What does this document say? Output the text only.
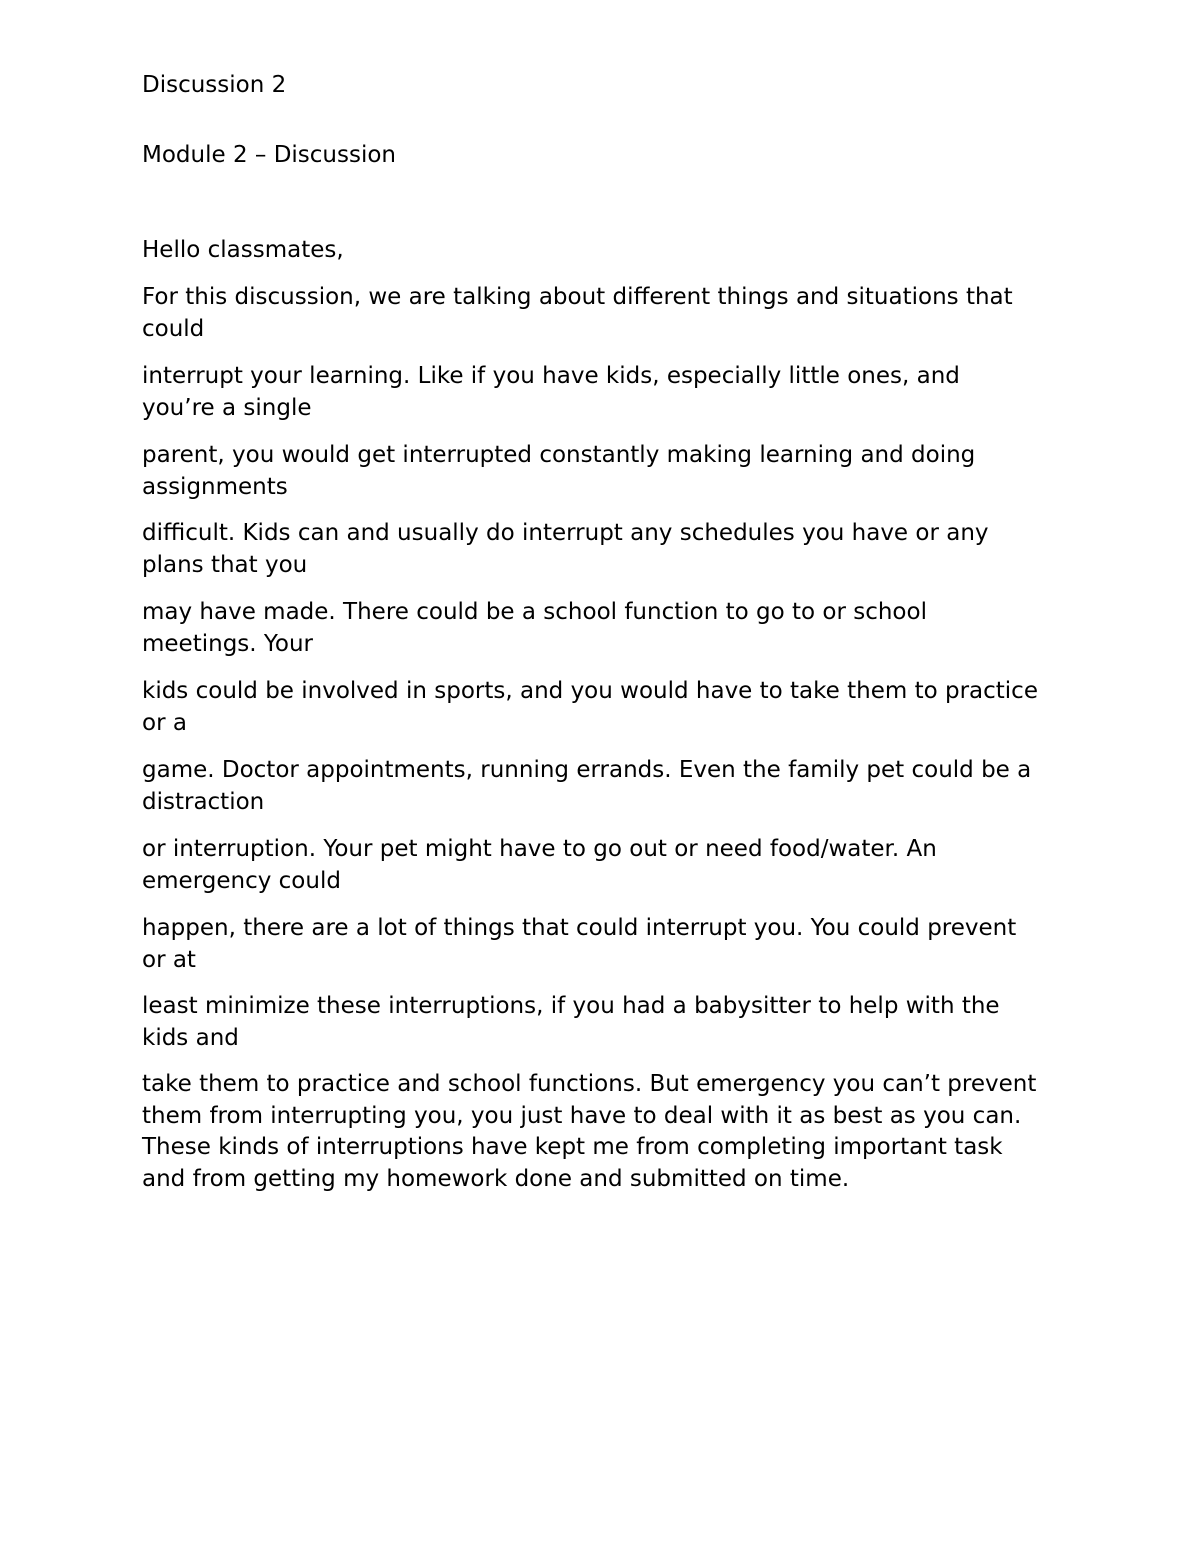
Discussion 2
Module 2 – Discussion
Hello classmates,
For this discussion, we are talking about different things and situations that
could
interrupt your learning. Like if you have kids, especially little ones, and
you’re a single
parent, you would get interrupted constantly making learning and doing
assignments
difficult. Kids can and usually do interrupt any schedules you have or any
plans that you
may have made. There could be a school function to go to or school
meetings. Your
kids could be involved in sports, and you would have to take them to practice
or a
game. Doctor appointments, running errands. Even the family pet could be a
distraction
or interruption. Your pet might have to go out or need food/water. An
emergency could
happen, there are a lot of things that could interrupt you. You could prevent
or at
least minimize these interruptions, if you had a babysitter to help with the
kids and
take them to practice and school functions. But emergency you can’t prevent
them from interrupting you, you just have to deal with it as best as you can.
These kinds of interruptions have kept me from completing important task
and from getting my homework done and submitted on time.
